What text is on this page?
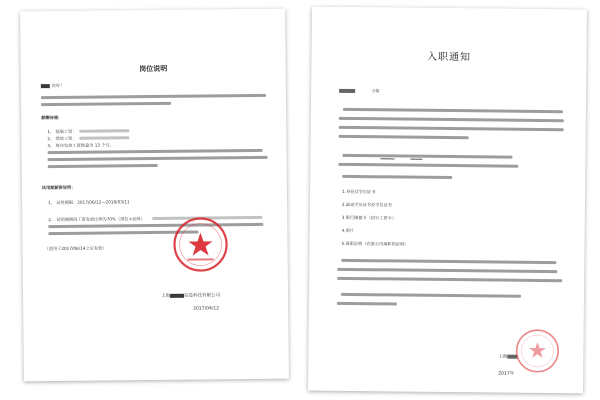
岗位说明
你好！
薪酬待遇：
1、 基础工资：
2、 绩效工资：
3、 每年发放工资数量为 13 个月。
试用期薪资说明：
1、 试用期限：2017/06/12—2018/03/11
2、 试用期期间工资发放比例为70%（岗位+品级）
（适用于2017/06/14之后有效）
上海	信息科技有限公司
2017/04/12
入职通知
小姐
1.身份及学位证书
2.最高学历证书及学位证书
3.银行储蓄卡（招行工资卡）
4.照片
5.离职证明（在原公司离职的证明）
上海
2017年
